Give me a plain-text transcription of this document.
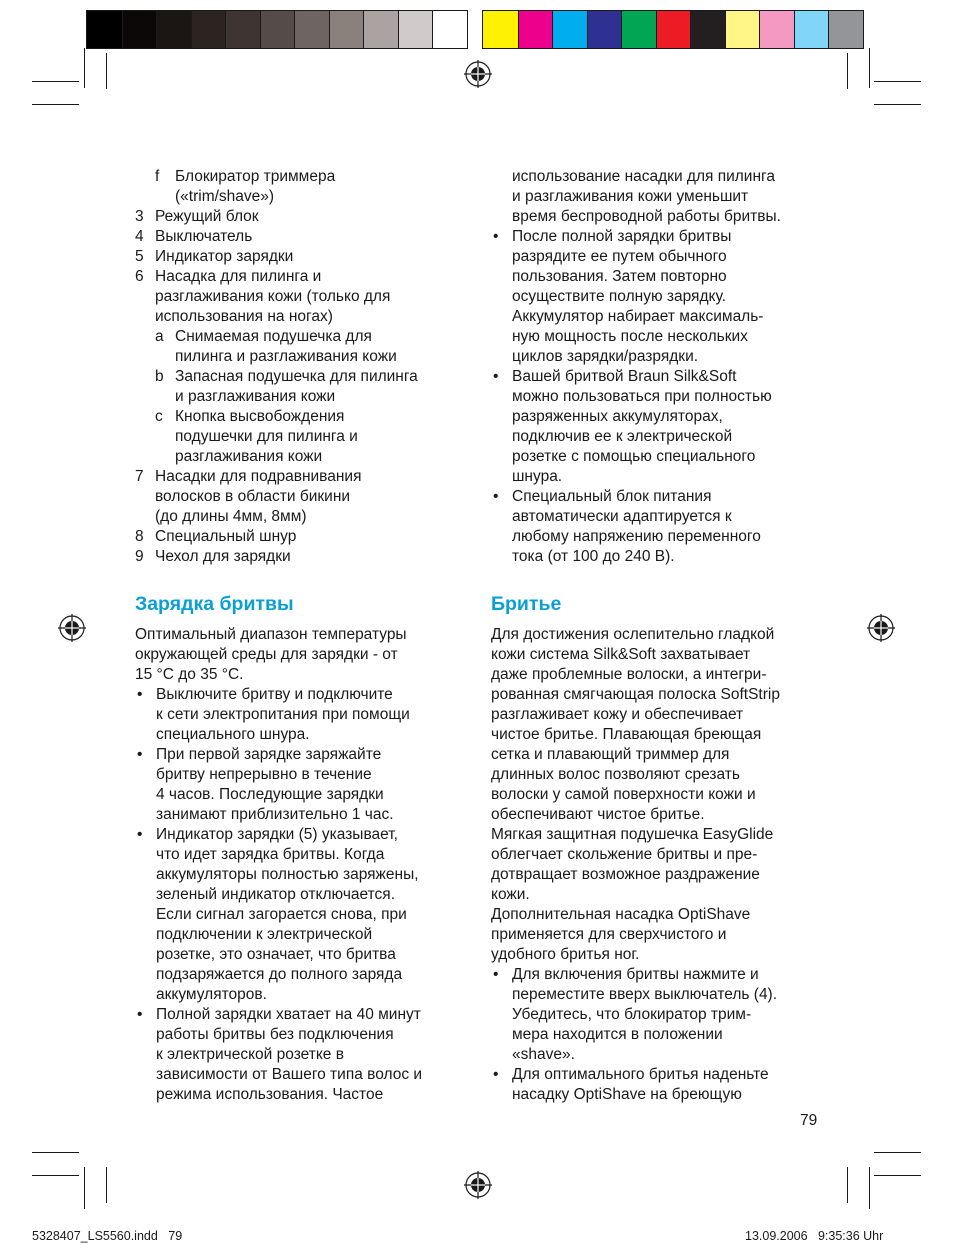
f	Блокиратор триммера
(«trim/shave»)
3 Режущий блок
4 Выключатель
5 Индикатор зарядки
6 Насадка для пилинга и
разглаживания кожи (только для
использования на ногах)
a Снимаемая подушечка для
пилинга и разглаживания кожи
b Запасная подушечка для пилинга
и разглаживания кожи
c Кнопка высвобождения
подушечки для пилинга и
разглаживания кожи
7 Насадки для подравнивания
волосков в области бикини
(до длины 4мм, 8мм)
8 Специальный шнур
9 Чехол для зарядки
Зарядка бритвы
Оптимальный диапазон температуры
окружающей среды для зарядки - от
15 °C до 35 °C.
• Выключите бритву и подключите
к сети электропитания при помощи
специального шнура.
• При первой зарядке заряжайте
бритву непрерывно в течение
4 часов. Последующие зарядки
занимают приблизительно 1 час.
• Индикатор зарядки (5) указывает,
что идет зарядка бритвы. Когда
аккумуляторы полностью заряжены,
зеленый индикатор отключается.
Если сигнал загорается снова, при
подключении к электрической
розетке, это означает, что бритва
подзаряжается до полного заряда
аккумуляторов.
• Полной зарядки хватает на 40 минут
работы бритвы без подключения
к электрической розетке в
зависимости от Вашего типа волос и
режима использования. Частое
использование насадки для пилинга
и разглаживания кожи уменьшит
время беспроводной работы бритвы.
• После полной зарядки бритвы
разрядите ее путем обычного
пользования. Затем повторно
осуществите полную зарядку.
Аккумулятор набирает максималь-
ную мощность после нескольких
циклов зарядки/разрядки.
• Вашей бритвой Braun Silk&Soft
можно пользоваться при полностью
разряженных аккумуляторах,
подключив ее к электрической
розетке с помощью специального
шнура.
• Специальный блок питания
автоматически адаптируется к
любому напряжению переменного
тока (от 100 до 240 В).
Бритье
Для достижения ослепительно гладкой
кожи система Silk&Soft захватывает
даже проблемные волоски, а интегри-
рованная смягчающая полоска SoftStrip
разглаживает кожу и обеспечивает
чистое бритье. Плавающая бреющая
сетка и плавающий триммер для
длинных волос позволяют срезать
волоски у самой поверхности кожи и
обеспечивают чистое бритье.
Мягкая защитная подушечка EasyGlide
облегчает скольжение бритвы и пре-
дотвращает возможное раздражение
кожи.
Дополнительная насадка OptiShave
применяется для сверхчистого и
удобного бритья ног.
• Для включения бритвы нажмите и
переместите вверх выключатель (4).
Убедитесь, что блокиратор трим-
мера находится в положении
«shave».
• Для оптимального бритья наденьте
насадку OptiShave на бреющую
79
5328407_LS5560.indd   79	13.09.2006   9:35:36 Uhr
